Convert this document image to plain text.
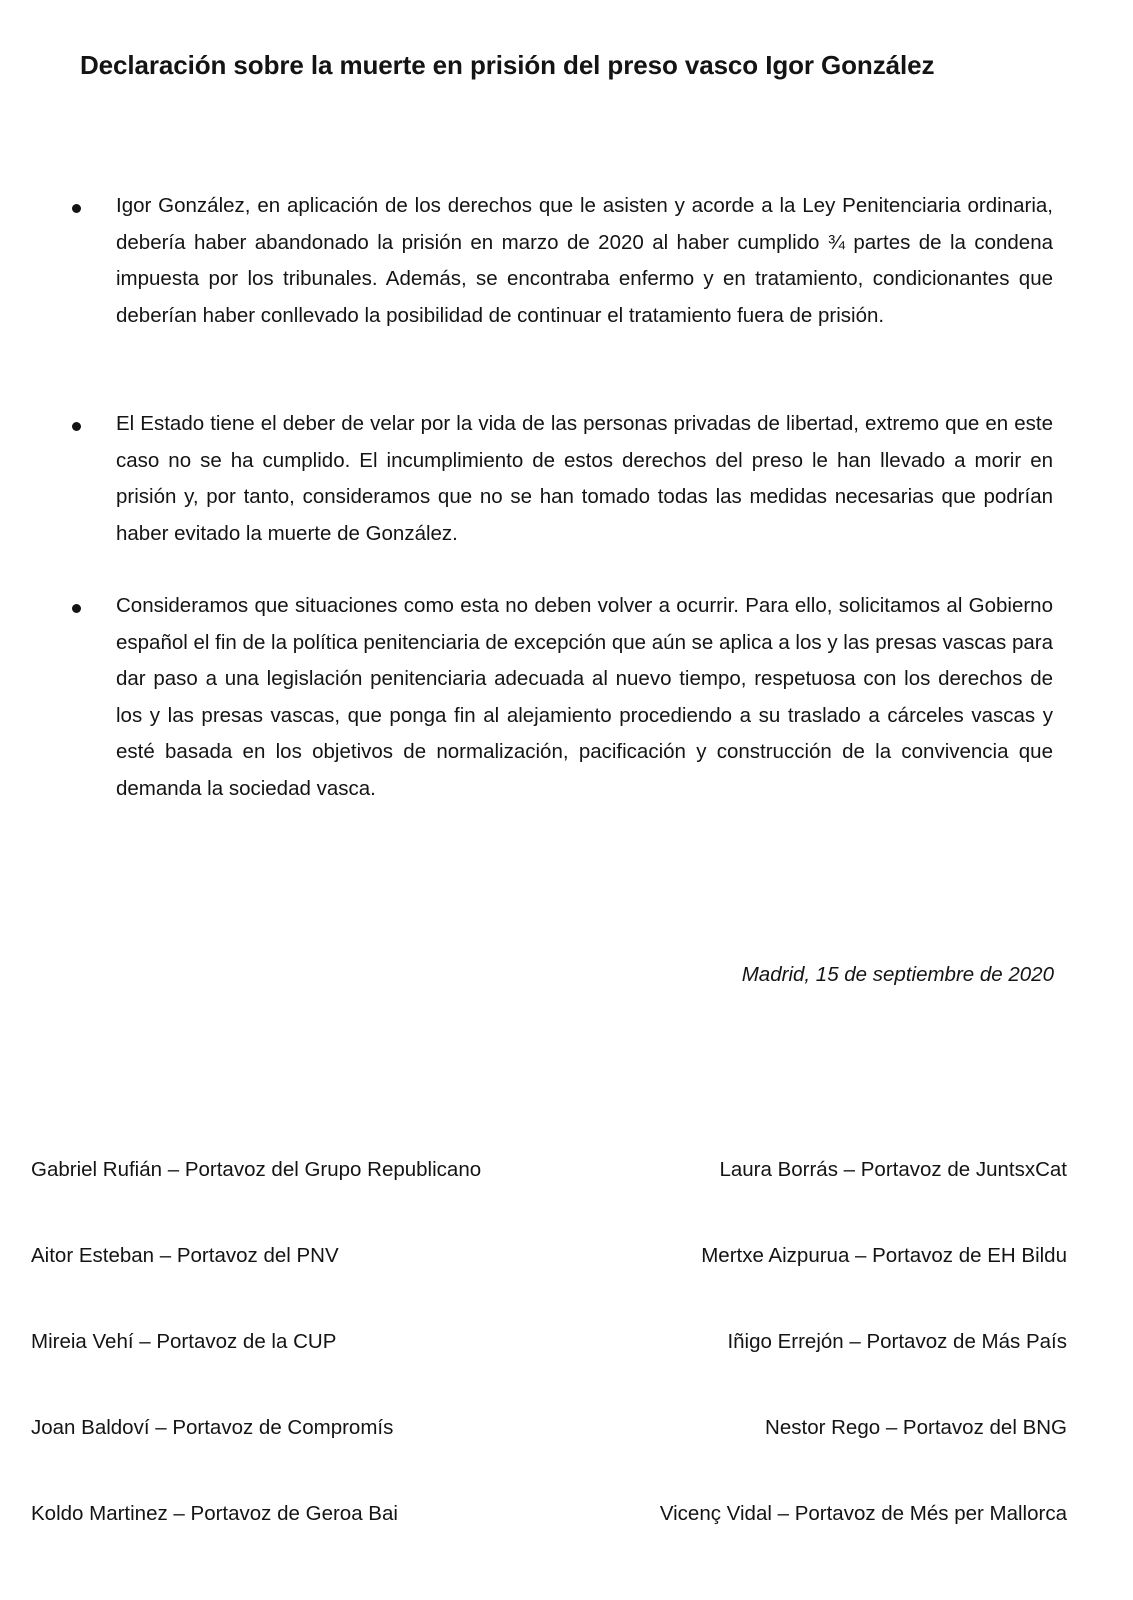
Declaración sobre la muerte en prisión del preso vasco Igor González

Igor González, en aplicación de los derechos que le asisten y acorde a la Ley Penitenciaria ordinaria, debería haber abandonado la prisión en marzo de 2020 al haber cumplido ¾ partes de la condena impuesta por los tribunales. Además, se encontraba enfermo y en tratamiento, condicionantes que deberían haber conllevado la posibilidad de continuar el tratamiento fuera de prisión.

El Estado tiene el deber de velar por la vida de las personas privadas de libertad, extremo que en este caso no se ha cumplido. El incumplimiento de estos derechos del preso le han llevado a morir en prisión y, por tanto, consideramos que no se han tomado todas las medidas necesarias que podrían haber evitado la muerte de González.

Consideramos que situaciones como esta no deben volver a ocurrir. Para ello, solicitamos al Gobierno español el fin de la política penitenciaria de excepción que aún se aplica a los y las presas vascas para dar paso a una legislación penitenciaria adecuada al nuevo tiempo, respetuosa con los derechos de los y las presas vascas, que ponga fin al alejamiento procediendo a su traslado a cárceles vascas y esté basada en los objetivos de normalización, pacificación y construcción de la convivencia que demanda la sociedad vasca.

Madrid, 15 de septiembre de 2020
Gabriel Rufián – Portavoz del Grupo Republicano	Laura Borrás – Portavoz de JuntsxCat
Aitor Esteban – Portavoz del PNV	Mertxe Aizpurua – Portavoz de EH Bildu
Mireia Vehí – Portavoz de la CUP	Iñigo Errejón – Portavoz de Más País
Joan Baldoví – Portavoz de Compromís	Nestor Rego – Portavoz del BNG
Koldo Martinez – Portavoz de Geroa Bai	Vicenç Vidal – Portavoz de Més per Mallorca
